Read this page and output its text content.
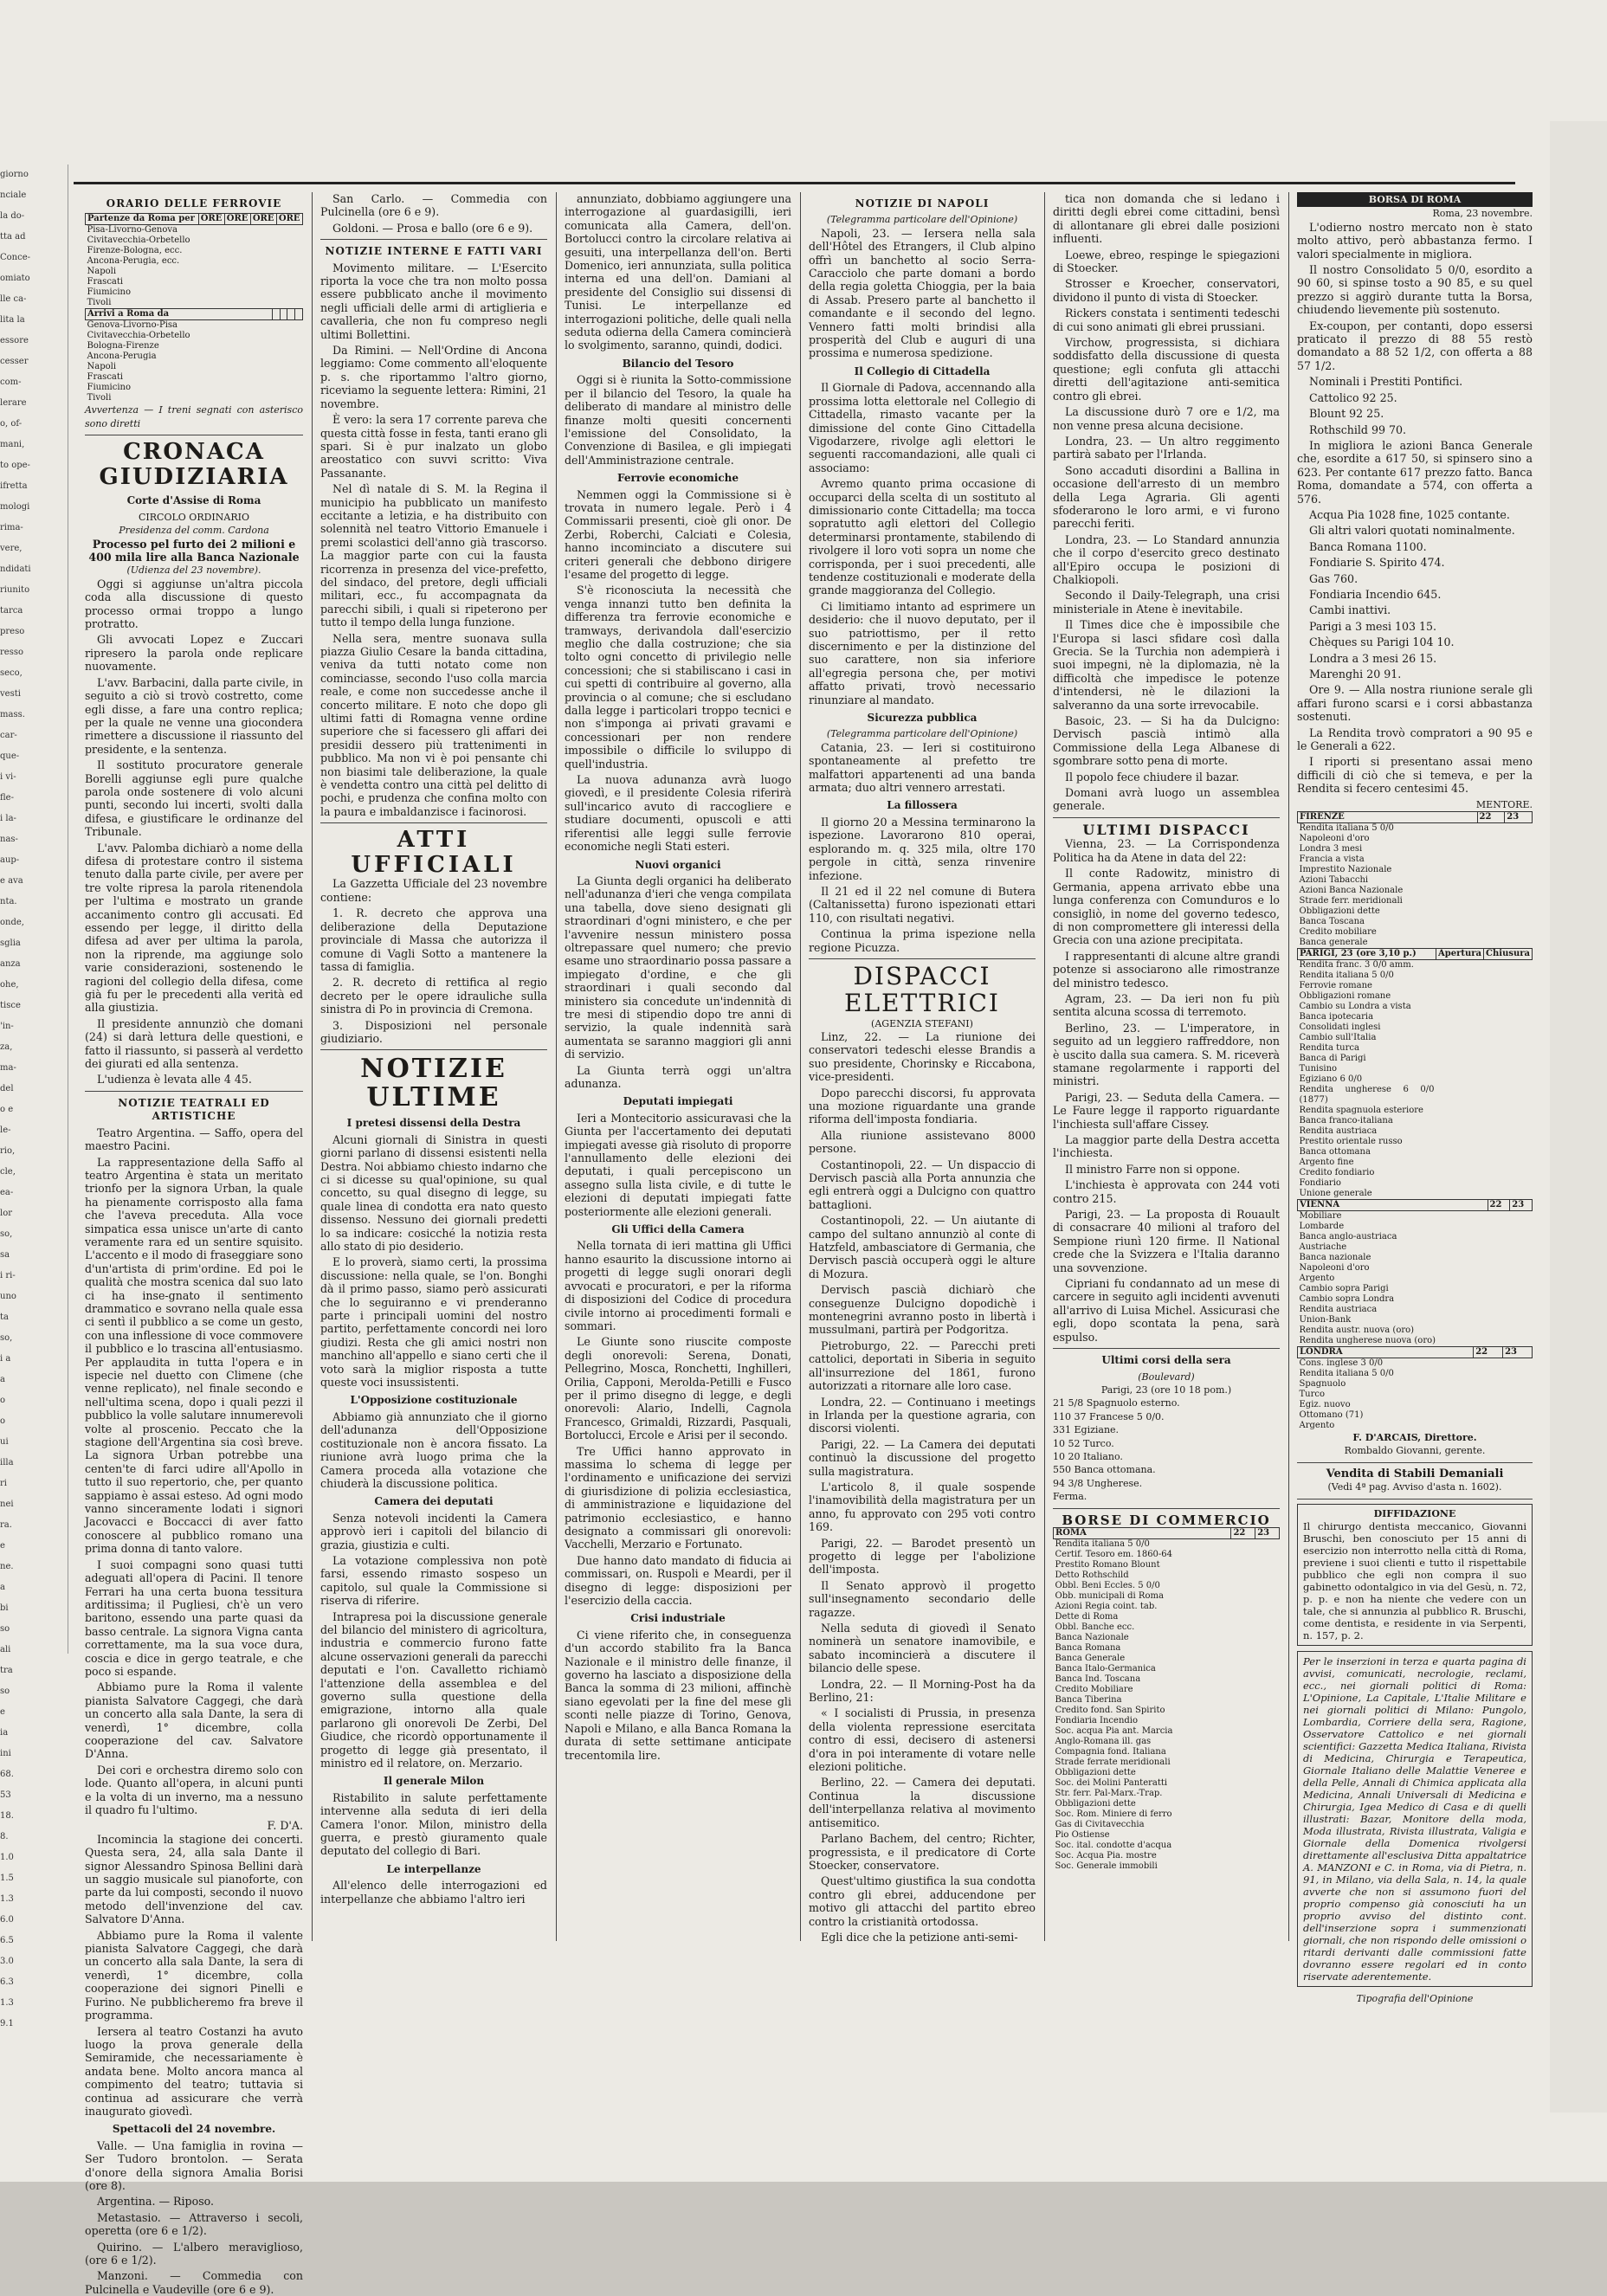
giorno
nciale
la do-
tta ad
Conce-
omiato
lle ca-
lita la
essore
cesser
com-
lerare
o, of-
mani,
to ope-
ifretta
mologi
rima-
vere,
ndidati
riunito
tarca
preso
resso
seco,
vesti
mass.
car-
que-
i vi-
fle-
i la-
nas-
aup-
e ava
nta.
onde,
sglia
anza
ohe,
tisce
'in-
za,
ma-
del
o e
le-
rio,
cle,
ea-
lor
so,
sa
i ri-
uno
ta
so,
i a
a
o
o
ui
illa
ri
nei
ra.
e
ne.
a
bi
so
ali
tra
so
e
ia
ini
68.
53
18.
8.
1.0
1.5
1.3
6.0
6.5
3.0
6.3
1.3
9.1
ORARIO DELLE FERROVIE
Partenze da Roma per	ORE	ORE	ORE	ORE
Pisa-Livorno-Genova				
Civitavecchia-Orbetello				
Firenze-Bologna, ecc.				
Ancona-Perugia, ecc.				
Napoli				
Frascati				
Fiumicino				
Tivoli				
Arrivi a Roma da				
Genova-Livorno-Pisa				
Civitavecchia-Orbetello				
Bologna-Firenze				
Ancona-Perugia				
Napoli				
Frascati				
Fiumicino				
Tivoli				
Avvertenza — I treni segnati con asterisco sono diretti
CRONACA GIUDIZIARIA
Corte d'Assise di Roma
CIRCOLO ORDINARIO
Presidenza del comm. Cardona
Processo pel furto dei 2 milioni e 400 mila lire alla Banca Nazionale
(Udienza del 23 novembre).

Oggi si aggiunse un'altra piccola coda alla discussione di questo processo ormai troppo a lungo protratto.

Gli avvocati Lopez e Zuccari ripresero la parola onde replicare nuovamente.

L'avv. Barbacini, dalla parte civile, in seguito a ciò si trovò costretto, come egli disse, a fare una contro replica; per la quale ne venne una giocondera rimettere a discussione il riassunto del presidente, e la sentenza.

Il sostituto procuratore generale Borelli aggiunse egli pure qualche parola onde sostenere di volo alcuni punti, secondo lui incerti, svolti dalla difesa, e giustificare le ordinanze del Tribunale.

L'avv. Palomba dichiarò a nome della difesa di protestare contro il sistema tenuto dalla parte civile, per avere per tre volte ripresa la parola ritenendola per l'ultima e mostrato un grande accanimento contro gli accusati. Ed essendo per legge, il diritto della difesa ad aver per ultima la parola, non la riprende, ma aggiunge solo varie considerazioni, sostenendo le ragioni del collegio della difesa, come già fu per le precedenti alla verità ed alla giustizia.

Il presidente annunziò che domani (24) si darà lettura delle questioni, e fatto il riassunto, si passerà al verdetto dei giurati ed alla sentenza.

L'udienza è levata alle 4 45.

NOTIZIE TEATRALI ED ARTISTICHE

Teatro Argentina. — Saffo, opera del maestro Pacini.

La rappresentazione della Saffo al teatro Argentina è stata un meritato trionfo per la signora Urban, la quale ha pienamente corrisposto alla fama che l'aveva preceduta. Alla voce simpatica essa unisce un'arte di canto veramente rara ed un sentire squisito. L'accento e il modo di fraseggiare sono d'un'artista di prim'ordine. Ed poi le qualità che mostra scenica dal suo lato ci ha inse-gnato il sentimento drammatico e sovrano nella quale essa ci sentì il pubblico a se come un gesto, con una inflessione di voce commovere il pubblico e lo trascina all'entusiasmo. Per applaudita in tutta l'opera e in ispecie nel duetto con Climene (che venne replicato), nel finale secondo e nell'ultima scena, dopo i quali pezzi il pubblico la volle salutare innumerevoli volte al proscenio. Peccato che la stagione dell'Argentina sia così breve. La signora Urban potrebbe una centen'te di farci udire all'Apollo in tutto il suo repertorio, che, per quanto sappiamo è assai esteso. Ad ogni modo vanno sinceramente lodati i signori Jacovacci e Boccacci di aver fatto conoscere al pubblico romano una prima donna di tanto valore.

I suoi compagni sono quasi tutti adeguati all'opera di Pacini. Il tenore Ferrari ha una certa buona tessitura arditissima; il Pugliesi, ch'è un vero baritono, essendo una parte quasi da basso centrale. La signora Vigna canta correttamente, ma la sua voce dura, coscia e dice in gergo teatrale, e che poco si espande.

Abbiamo pure la Roma il valente pianista Salvatore Caggegi, che darà un concerto alla sala Dante, la sera di venerdì, 1° dicembre, colla cooperazione del cav. Salvatore D'Anna.

Dei cori e orchestra diremo solo con lode. Quanto all'opera, in alcuni punti e la volta di un inverno, ma a nessuno il quadro fu l'ultimo.

F. D'A.

Incomincia la stagione dei concerti. Questa sera, 24, alla sala Dante il signor Alessandro Spinosa Bellini darà un saggio musicale sul pianoforte, con parte da lui composti, secondo il nuovo metodo dell'invenzione del cav. Salvatore D'Anna.

Abbiamo pure la Roma il valente pianista Salvatore Caggegi, che darà un concerto alla sala Dante, la sera di venerdì, 1° dicembre, colla cooperazione dei signori Pinelli e Furino. Ne pubblicheremo fra breve il programma.

Iersera al teatro Costanzi ha avuto luogo la prova generale della Semiramide, che necessariamente è andata bene. Molto ancora manca al compimento del teatro; tuttavia si continua ad assicurare che verrà inaugurato giovedì.

Spettacoli del 24 novembre.

Valle. — Una famiglia in rovina — Ser Tudoro brontolon. — Serata d'onore della signora Amalia Borisi (ore 8).

Argentina. — Riposo.

Metastasio. — Attraverso i secoli, operetta (ore 6 e 1/2).

Quirino. — L'albero meraviglioso, (ore 6 e 1/2).

Manzoni. — Commedia con Pulcinella e Vaudeville (ore 6 e 9).

San Carlo. — Commedia con Pulcinella (ore 6 e 9).

Goldoni. — Prosa e ballo (ore 6 e 9).

NOTIZIE INTERNE E FATTI VARI

Movimento militare. — L'Esercito riporta la voce che tra non molto possa essere pubblicato anche il movimento negli ufficiali delle armi di artiglieria e cavalleria, che non fu compreso negli ultimi Bollettini.

Da Rimini. — Nell'Ordine di Ancona leggiamo: Come commento all'eloquente p. s. che riportammo l'altro giorno, riceviamo la seguente lettera: Rimini, 21 novembre.

È vero: la sera 17 corrente pareva che questa città fosse in festa, tanti erano gli spari. Si è pur inalzato un globo areostatico con suvvi scritto: Viva Passanante.

Nel dì natale di S. M. la Regina il municipio ha pubblicato un manifesto eccitante a letizia, e ha distribuito con solennità nel teatro Vittorio Emanuele i premi scolastici dell'anno già trascorso. La maggior parte con cui la fausta ricorrenza in presenza del vice-prefetto, del sindaco, del pretore, degli ufficiali militari, ecc., fu accompagnata da parecchi sibili, i quali si ripeterono per tutto il tempo della lunga funzione.

Nella sera, mentre suonava sulla piazza Giulio Cesare la banda cittadina, veniva da tutti notato come non cominciasse, secondo l'uso colla marcia reale, e come non succedesse anche il concerto militare. E noto che dopo gli ultimi fatti di Romagna venne ordine superiore che si facessero gli affari dei presidii dessero più trattenimenti in pubblico. Ma non vi è poi pensante chi non biasimi tale deliberazione, la quale è vendetta contro una città pel delitto di pochi, e prudenza che confina molto con la paura e imbaldanzisce i facinorosi.

ATTI UFFICIALI

La Gazzetta Ufficiale del 23 novembre contiene:

1. R. decreto che approva una deliberazione della Deputazione provinciale di Massa che autorizza il comune di Vagli Sotto a mantenere la tassa di famiglia.

2. R. decreto di rettifica al regio decreto per le opere idrauliche sulla sinistra di Po in provincia di Cremona.

3. Disposizioni nel personale giudiziario.

NOTIZIE ULTIME
I pretesi dissensi della Destra

Alcuni giornali di Sinistra in questi giorni parlano di dissensi esistenti nella Destra. Noi abbiamo chiesto indarno che ci si dicesse su qual'opinione, su qual concetto, su qual disegno di legge, su quale linea di condotta era nato questo dissenso. Nessuno dei giornali predetti lo sa indicare: cosicché la notizia resta allo stato di pio desiderio.

E lo proverà, siamo certi, la prossima discussione: nella quale, se l'on. Bonghi dà il primo passo, siamo però assicurati che lo seguiranno e vi prenderanno parte i principali uomini del nostro partito, perfettamente concordi nei loro giudizi. Resta che gli amici nostri non manchino all'appello e siano certi che il voto sarà la miglior risposta a tutte queste voci insussistenti.

L'Opposizione costituzionale

Abbiamo già annunziato che il giorno dell'adunanza dell'Opposizione costituzionale non è ancora fissato. La riunione avrà luogo prima che la Camera proceda alla votazione che chiuderà la discussione politica.

Camera dei deputati

Senza notevoli incidenti la Camera approvò ieri i capitoli del bilancio di grazia, giustizia e culti.

La votazione complessiva non potè farsi, essendo rimasto sospeso un capitolo, sul quale la Commissione si riserva di riferire.

Intrapresa poi la discussione generale del bilancio del ministero di agricoltura, industria e commercio furono fatte alcune osservazioni generali da parecchi deputati e l'on. Cavalletto richiamò l'attenzione della assemblea e del governo sulla questione della emigrazione, intorno alla quale parlarono gli onorevoli De Zerbi, Del Giudice, che ricordò opportunamente il progetto di legge già presentato, il ministro ed il relatore, on. Merzario.

Il generale Milon

Ristabilito in salute perfettamente intervenne alla seduta di ieri della Camera l'onor. Milon, ministro della guerra, e prestò giuramento quale deputato del collegio di Bari.

Le interpellanze

All'elenco delle interrogazioni ed interpellanze che abbiamo l'altro ieri

annunziato, dobbiamo aggiungere una interrogazione al guardasigilli, ieri comunicata alla Camera, dell'on. Bortolucci contro la circolare relativa ai gesuiti, una interpellanza dell'on. Berti Domenico, ieri annunziata, sulla politica interna ed una dell'on. Damiani al presidente del Consiglio sui dissensi di Tunisi. Le interpellanze ed interrogazioni politiche, delle quali nella seduta odierna della Camera comincierà lo svolgimento, saranno, quindi, dodici.

Bilancio del Tesoro

Oggi si è riunita la Sotto-commissione per il bilancio del Tesoro, la quale ha deliberato di mandare al ministro delle finanze molti quesiti concernenti l'emissione del Consolidato, la Convenzione di Basilea, e gli impiegati dell'Amministrazione centrale.

Ferrovie economiche

Nemmen oggi la Commissione si è trovata in numero legale. Però i 4 Commissarii presenti, cioè gli onor. De Zerbi, Roberchi, Calciati e Colesia, hanno incominciato a discutere sui criteri generali che debbono dirigere l'esame del progetto di legge.

S'è riconosciuta la necessità che venga innanzi tutto ben definita la differenza tra ferrovie economiche e tramways, derivandola dall'esercizio meglio che dalla costruzione; che sia tolto ogni concetto di privilegio nelle concessioni; che si stabiliscano i casi in cui spetti di contribuire al governo, alla provincia o al comune; che si escludano dalla legge i particolari troppo tecnici e non s'imponga ai privati gravami e concessionari per non rendere impossibile o difficile lo sviluppo di quell'industria.

La nuova adunanza avrà luogo giovedì, e il presidente Colesia riferirà sull'incarico avuto di raccogliere e studiare documenti, opuscoli e atti riferentisi alle leggi sulle ferrovie economiche negli Stati esteri.

Nuovi organici

La Giunta degli organici ha deliberato nell'adunanza d'ieri che venga compilata una tabella, dove sieno designati gli straordinari d'ogni ministero, e che per l'avvenire nessun ministero possa oltrepassare quel numero; che previo esame uno straordinario possa passare a impiegato d'ordine, e che gli straordinari i quali secondo dal ministero sia concedute un'indennità di tre mesi di stipendio dopo tre anni di servizio, la quale indennità sarà aumentata se saranno maggiori gli anni di servizio.

La Giunta terrà oggi un'altra adunanza.

Deputati impiegati

Ieri a Montecitorio assicuravasi che la Giunta per l'accertamento dei deputati impiegati avesse già risoluto di proporre l'annullamento delle elezioni dei deputati, i quali percepiscono un assegno sulla lista civile, e di tutte le elezioni di deputati impiegati fatte posteriormente alle elezioni generali.

Gli Uffici della Camera

Nella tornata di ieri mattina gli Uffici hanno esaurito la discussione intorno ai progetti di legge sugli onorari degli avvocati e procuratori, e per la riforma di disposizioni del Codice di procedura civile intorno ai procedimenti formali e sommari.

Le Giunte sono riuscite composte degli onorevoli: Serena, Donati, Pellegrino, Mosca, Ronchetti, Inghilleri, Orilia, Capponi, Merolda-Petilli e Fusco per il primo disegno di legge, e degli onorevoli: Alario, Indelli, Cagnola Francesco, Grimaldi, Rizzardi, Pasquali, Bortolucci, Ercole e Arisi per il secondo.

Tre Uffici hanno approvato in massima lo schema di legge per l'ordinamento e unificazione dei servizi di giurisdizione di polizia ecclesiastica, di amministrazione e liquidazione del patrimonio ecclesiastico, e hanno designato a commissari gli onorevoli: Vacchelli, Merzario e Fortunato.

Due hanno dato mandato di fiducia ai commissari, on. Ruspoli e Meardi, per il disegno di legge: disposizioni per l'esercizio della caccia.

Crisi industriale

Ci viene riferito che, in conseguenza d'un accordo stabilito fra la Banca Nazionale e il ministro delle finanze, il governo ha lasciato a disposizione della Banca la somma di 23 milioni, affinchè siano egevolati per la fine del mese gli sconti nelle piazze di Torino, Genova, Napoli e Milano, e alla Banca Romana la durata di sette settimane anticipate trecentomila lire.

NOTIZIE DI NAPOLI
(Telegramma particolare dell'Opinione)

Napoli, 23. — Iersera nella sala dell'Hôtel des Etrangers, il Club alpino offrì un banchetto al socio Serra-Caracciolo che parte domani a bordo della regia goletta Chioggia, per la baia di Assab. Presero parte al banchetto il comandante e il secondo del legno. Vennero fatti molti brindisi alla prosperità del Club e auguri di una prossima e numerosa spedizione.

Il Collegio di Cittadella

Il Giornale di Padova, accennando alla prossima lotta elettorale nel Collegio di Cittadella, rimasto vacante per la dimissione del conte Gino Cittadella Vigodarzere, rivolge agli elettori le seguenti raccomandazioni, alle quali ci associamo:

Avremo quanto prima occasione di occuparci della scelta di un sostituto al dimissionario conte Cittadella; ma tocca sopratutto agli elettori del Collegio determinarsi prontamente, stabilendo di rivolgere il loro voti sopra un nome che corrisponda, per i suoi precedenti, alle tendenze costituzionali e moderate della grande maggioranza del Collegio.

Ci limitiamo intanto ad esprimere un desiderio: che il nuovo deputato, per il suo patriottismo, per il retto discernimento e per la distinzione del suo carattere, non sia inferiore all'egregia persona che, per motivi affatto privati, trovò necessario rinunziare al mandato.

Sicurezza pubblica
(Telegramma particolare dell'Opinione)

Catania, 23. — Ieri si costituirono spontaneamente al prefetto tre malfattori appartenenti ad una banda armata; duo altri vennero arrestati.

La fillossera

Il giorno 20 a Messina terminarono la ispezione. Lavorarono 810 operai, esplorando m. q. 325 mila, oltre 170 pergole in città, senza rinvenire infezione.

Il 21 ed il 22 nel comune di Butera (Caltanissetta) furono ispezionati ettari 110, con risultati negativi.

Continua la prima ispezione nella regione Picuzza.

DISPACCI ELETTRICI
(AGENZIA STEFANI)

Linz, 22. — La riunione dei conservatori tedeschi elesse Brandis a suo presidente, Chorinsky e Riccabona, vice-presidenti.

Dopo parecchi discorsi, fu approvata una mozione riguardante una grande riforma dell'imposta fondiaria.

Alla riunione assistevano 8000 persone.

Costantinopoli, 22. — Un dispaccio di Dervisch pascià alla Porta annunzia che egli entrerà oggi a Dulcigno con quattro battaglioni.

Costantinopoli, 22. — Un aiutante di campo del sultano annunziò al conte di Hatzfeld, ambasciatore di Germania, che Dervisch pascià occuperà oggi le alture di Mozura.

Dervisch pascià dichiarò che conseguenze Dulcigno dopodichè i montenegrini avranno posto in libertà i mussulmani, partirà per Podgoritza.

Pietroburgo, 22. — Parecchi preti cattolici, deportati in Siberia in seguito all'insurrezione del 1861, furono autorizzati a ritornare alle loro case.

Londra, 22. — Continuano i meetings in Irlanda per la questione agraria, con discorsi violenti.

Parigi, 22. — La Camera dei deputati continuò la discussione del progetto sulla magistratura.

L'articolo 8, il quale sospende l'inamovibilità della magistratura per un anno, fu approvato con 295 voti contro 169.

Parigi, 22. — Barodet presentò un progetto di legge per l'abolizione dell'imposta.

Il Senato approvò il progetto sull'insegnamento secondario delle ragazze.

Nella seduta di giovedì il Senato nominerà un senatore inamovibile, e sabato incomincierà a discutere il bilancio delle spese.

Londra, 22. — Il Morning-Post ha da Berlino, 21:

« I socialisti di Prussia, in presenza della violenta repressione esercitata contro di essi, decisero di astenersi d'ora in poi interamente di votare nelle elezioni politiche.

Berlino, 22. — Camera dei deputati. Continua la discussione dell'interpellanza relativa al movimento antisemitico.

Parlano Bachem, del centro; Richter, progressista, e il predicatore di Corte Stoecker, conservatore.

Quest'ultimo giustifica la sua condotta contro gli ebrei, adducendone per motivo gli attacchi del partito ebreo contro la cristianità ortodossa.

Egli dice che la petizione anti-semi-

tica non domanda che si ledano i diritti degli ebrei come cittadini, bensì di allontanare gli ebrei dalle posizioni influenti.

Loewe, ebreo, respinge le spiegazioni di Stoecker.

Strosser e Kroecher, conservatori, dividono il punto di vista di Stoecker.

Rickers constata i sentimenti tedeschi di cui sono animati gli ebrei prussiani.

Virchow, progressista, si dichiara soddisfatto della discussione di questa questione; egli confuta gli attacchi diretti dell'agitazione anti-semitica contro gli ebrei.

La discussione durò 7 ore e 1/2, ma non venne presa alcuna decisione.

Londra, 23. — Un altro reggimento partirà sabato per l'Irlanda.

Sono accaduti disordini a Ballina in occasione dell'arresto di un membro della Lega Agraria. Gli agenti sfoderarono le loro armi, e vi furono parecchi feriti.

Londra, 23. — Lo Standard annunzia che il corpo d'esercito greco destinato all'Epiro occupa le posizioni di Chalkiopoli.

Secondo il Daily-Telegraph, una crisi ministeriale in Atene è inevitabile.

Il Times dice che è impossibile che l'Europa si lasci sfidare così dalla Grecia. Se la Turchia non adempierà i suoi impegni, nè la diplomazia, nè la difficoltà che impedisce le potenze d'intendersi, nè le dilazioni la salveranno da una sorte irrevocabile.

Basoic, 23. — Si ha da Dulcigno: Dervisch pascià intimò alla Commissione della Lega Albanese di sgombrare sotto pena di morte.

Il popolo fece chiudere il bazar.

Domani avrà luogo un assemblea generale.

ULTIMI DISPACCI

Vienna, 23. — La Corrispondenza Politica ha da Atene in data del 22:

Il conte Radowitz, ministro di Germania, appena arrivato ebbe una lunga conferenza con Comunduros e lo consigliò, in nome del governo tedesco, di non compromettere gli interessi della Grecia con una azione precipitata.

I rappresentanti di alcune altre grandi potenze si associarono alle rimostranze del ministro tedesco.

Agram, 23. — Da ieri non fu più sentita alcuna scossa di terremoto.

Berlino, 23. — L'imperatore, in seguito ad un leggiero raffreddore, non è uscito dalla sua camera. S. M. riceverà stamane regolarmente i rapporti del ministri.

Parigi, 23. — Seduta della Camera. — Le Faure legge il rapporto riguardante l'inchiesta sull'affare Cissey.

La maggior parte della Destra accetta l'inchiesta.

Il ministro Farre non si oppone.

L'inchiesta è approvata con 244 voti contro 215.

Parigi, 23. — La proposta di Rouault di consacrare 40 milioni al traforo del Sempione riunì 120 firme. Il National crede che la Svizzera e l'Italia daranno una sovvenzione.

Cipriani fu condannato ad un mese di carcere in seguito agli incidenti avvenuti all'arrivo di Luisa Michel. Assicurasi che egli, dopo scontata la pena, sarà espulso.

Ultimi corsi della sera
(Boulevard)
Parigi, 23 (ore 10 18 pom.)
21 5/8 Spagnuolo esterno.
110 37 Francese 5 0/0.
331 Egiziane.
10 52 Turco.
10 20 Italiano.
550 Banca ottomana.
94 3/8 Ungherese.
Ferma.
BORSE DI COMMERCIO
ROMA	22	23
Rendita italiana 5 0/0		
Certif. Tesoro em. 1860-64		
Prestito Romano Blount		
Detto Rothschild		
Obbl. Beni Eccles. 5 0/0		
Obb. municipali di Roma		
Azioni Regia coint. tab.		
Dette di Roma		
Obbl. Banche ecc.		
Banca Nazionale		
Banca Romana		
Banca Generale		
Banca Italo-Germanica		
Banca Ind. Toscana		
Credito Mobiliare		
Banca Tiberina		
Credito fond. San Spirito		
Fondiaria Incendio		
Soc. acqua Pia ant. Marcia		
Anglo-Romana ill. gas		
Compagnia fond. Italiana		
Strade ferrate meridionali		
Obbligazioni dette		
Soc. dei Molini Panteratti		
Str. ferr. Pal-Marx.-Trap.		
Obbligazioni dette		
Soc. Rom. Miniere di ferro		
Gas di Civitavecchia		
Pio Ostiense		
Soc. ital. condotte d'acqua		
Soc. Acqua Pia. mostre		
Soc. Generale immobili		
BORSA DI ROMA
Roma, 23 novembre.

L'odierno nostro mercato non è stato molto attivo, però abbastanza fermo. I valori specialmente in migliora.

Il nostro Consolidato 5 0/0, esordito a 90 60, si spinse tosto a 90 85, e su quel prezzo si aggirò durante tutta la Borsa, chiudendo lievemente più sostenuto.

Ex-coupon, per contanti, dopo essersi praticato il prezzo di 88 55 restò domandato a 88 52 1/2, con offerta a 88 57 1/2.

Nominali i Prestiti Pontifici.

Cattolico 92 25.

Blount 92 25.

Rothschild 99 70.

In migliora le azioni Banca Generale che, esordite a 617 50, si spinsero sino a 623. Per contante 617 prezzo fatto. Banca Roma, domandate a 574, con offerta a 576.

Acqua Pia 1028 fine, 1025 contante.

Gli altri valori quotati nominalmente.

Banca Romana 1100.

Fondiarie S. Spirito 474.

Gas 760.

Fondiaria Incendio 645.

Cambi inattivi.

Parigi a 3 mesi 103 15.

Chèques su Parigi 104 10.

Londra a 3 mesi 26 15.

Marenghi 20 91.

Ore 9. — Alla nostra riunione serale gli affari furono scarsi e i corsi abbastanza sostenuti.

La Rendita trovò compratori a 90 95 e le Generali a 622.

I riporti si presentano assai meno difficili di ciò che si temeva, e per la Rendita si fecero centesimi 45.

MENTORE.
FIRENZE	22	23
Rendita italiana 5 0/0		
Napoleoni d'oro		
Londra 3 mesi		
Francia a vista		
Imprestito Nazionale		
Azioni Tabacchi		
Azioni Banca Nazionale		
Strade ferr. meridionali		
Obbligazioni dette		
Banca Toscana		
Credito mobiliare		
Banca generale		
PARIGI, 23 (ore 3,10 p.)	Apertura	Chiusura
Rendita franc. 3 0/0 amm.		
Rendita italiana 5 0/0		
Ferrovie romane		
Obbligazioni romane		
Cambio su Londra a vista		
Banca ipotecaria		
Consolidati inglesi		
Cambio sull'Italia		
Rendita turca		
Banca di Parigi		
Tunisino		
Egiziano 6 0/0		
Rendita ungherese 6 0/0 (1877)		
Rendita spagnuola esteriore		
Banca franco-italiana		
Rendita austriaca		
Prestito orientale russo		
Banca ottomana		
Argento fine		
Credito fondiario		
Fondiario		
Unione generale		
VIENNA	22	23
Mobiliare		
Lombarde		
Banca anglo-austriaca		
Austriache		
Banca nazionale		
Napoleoni d'oro		
Argento		
Cambio sopra Parigi		
Cambio sopra Londra		
Rendita austriaca		
Union-Bank		
Rendita austr. nuova (oro)		
Rendita ungherese nuova (oro)		
LONDRA	22	23
Cons. inglese 3 0/0		
Rendita italiana 5 0/0		
Spagnuolo		
Turco		
Egiz. nuovo		
Ottomano (71)		
Argento		
F. D'ARCAIS, Direttore.
Rombaldo Giovanni, gerente.
Vendita di Stabili Demaniali
(Vedi 4ª pag. Avviso d'asta n. 1602).
DIFFIDAZIONE
Il chirurgo dentista meccanico, Giovanni Bruschi, ben conosciuto per 15 anni di esercizio non interrotto nella città di Roma, previene i suoi clienti e tutto il rispettabile pubblico che egli non compra il suo gabinetto odontalgico in via del Gesù, n. 72, p. p. e non ha niente che vedere con un tale, che si annunzia al pubblico R. Bruschi, come dentista, e residente in via Serpenti, n. 157, p. 2.
Per le inserzioni in terza e quarta pagina di avvisi, comunicati, necrologie, reclami, ecc., nei giornali politici di Roma: L'Opinione, La Capitale, L'Italie Militare e nei giornali politici di Milano: Pungolo, Lombardia, Corriere della sera, Ragione, Osservatore Cattolico e nei giornali scientifici: Gazzetta Medica Italiana, Rivista di Medicina, Chirurgia e Terapeutica, Giornale Italiano delle Malattie Veneree e della Pelle, Annali di Chimica applicata alla Medicina, Annali Universali di Medicina e Chirurgia, Igea Medico di Casa e di quelli illustrati: Bazar, Monitore della moda, Moda illustrata, Rivista illustrata, Valigia e Giornale della Domenica rivolgersi direttamente all'esclusiva Ditta appaltatrice A. MANZONI e C. in Roma, via di Pietra, n. 91, in Milano, via della Sala, n. 14, la quale avverte che non si assumono fuori del proprio compenso già conosciuti ha un proprio avviso del distinto cont. dell'inserzione sopra i summenzionati giornali, che non rispondo delle omissioni o ritardi derivanti dalle commissioni fatte dovranno essere regolari ed in conto riservate aderentemente.
Tipografia dell'Opinione
